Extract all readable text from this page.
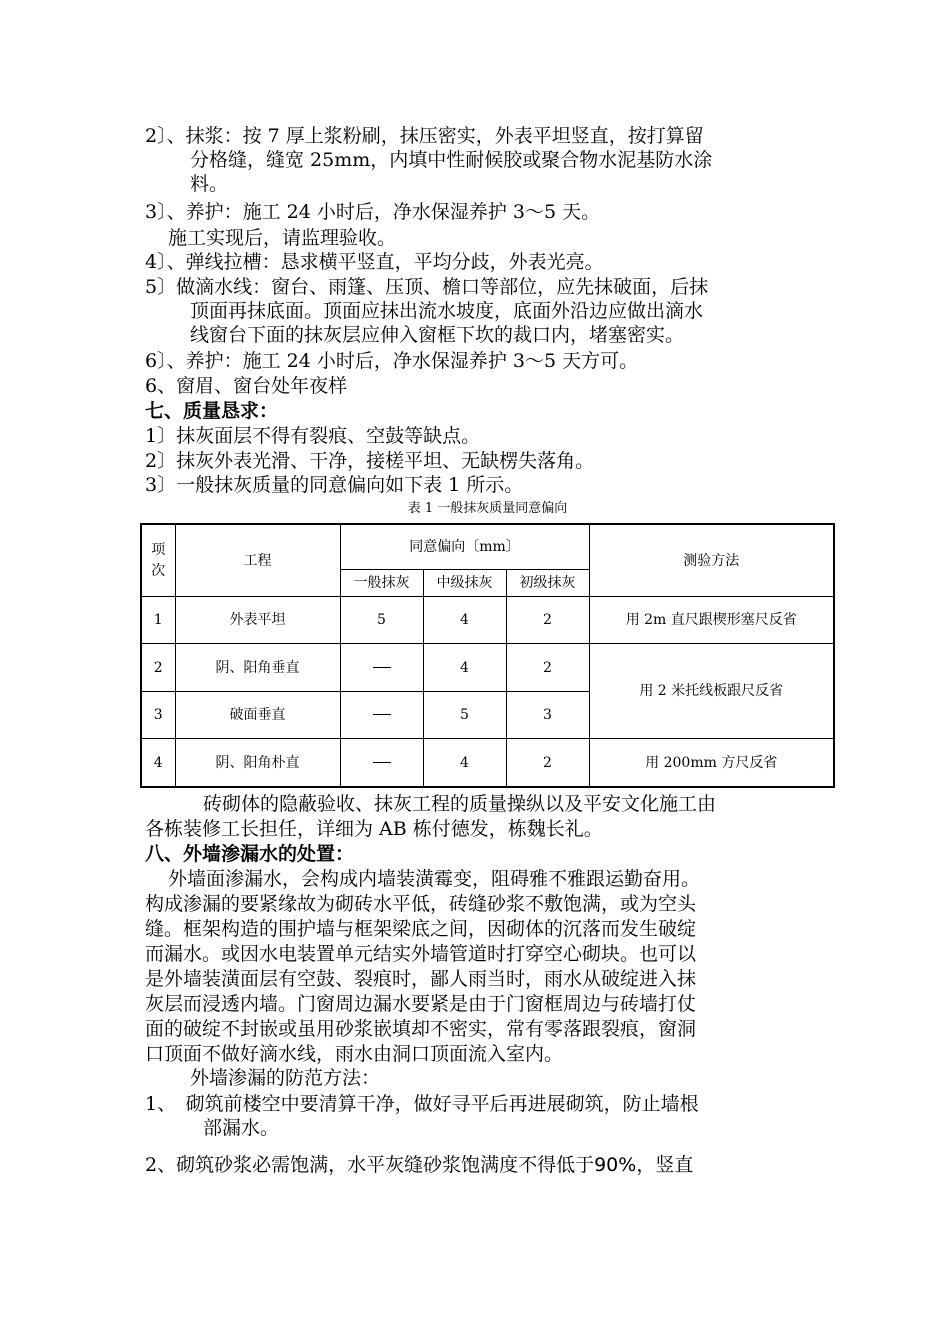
2〕、抹浆：按 7 厚上浆粉刷，抹压密实，外表平坦竖直，按打算留
分格缝，缝宽 25mm，内填中性耐候胶或聚合物水泥基防水涂
料。
3〕、养护：施工 24 小时后，净水保湿养护 3～5 天。
施工实现后，请监理验收。
4〕、弹线拉槽：恳求横平竖直，平均分歧，外表光亮。
5〕做滴水线：窗台、雨篷、压顶、檐口等部位，应先抹破面，后抹
顶面再抹底面。顶面应抹出流水坡度，底面外沿边应做出滴水
线窗台下面的抹灰层应伸入窗框下坎的裁口内，堵塞密实。
6〕、养护：施工 24 小时后，净水保湿养护 3～5 天方可。
6、窗眉、窗台处年夜样
七、质量恳求：
1〕抹灰面层不得有裂痕、空鼓等缺点。
2〕抹灰外表光滑、干净，接槎平坦、无缺楞失落角。
3〕一般抹灰质量的同意偏向如下表 1 所示。
表 1 一般抹灰质量同意偏向
项次	工程	同意偏向〔mm〕			测验方法
		一般抹灰	中级抹灰	初级抹灰	
1	外表平坦	5	4	2	用 2m 直尺跟楔形塞尺反省
2	阴、阳角垂直		4	2	用 2 米托线板跟尺反省
3	破面垂直		5	3	
4	阴、阳角朴直		4	2	用 200mm 方尺反省
砖砌体的隐蔽验收、抹灰工程的质量操纵以及平安文化施工由
各栋装修工长担任，详细为 AB 栋付德发，栋魏长礼。
八、外墙渗漏水的处置：
外墙面渗漏水，会构成内墙装潢霉变，阻碍雅不雅跟运勤奋用。
构成渗漏的要紧缘故为砌砖水平低，砖缝砂浆不敷饱满，或为空头
缝。框架构造的围护墙与框架梁底之间，因砌体的沉落而发生破绽
而漏水。或因水电装置单元结实外墙管道时打穿空心砌块。也可以
是外墙装潢面层有空鼓、裂痕时，鄙人雨当时，雨水从破绽进入抹
灰层而浸透内墙。门窗周边漏水要紧是由于门窗框周边与砖墙打仗
面的破绽不封嵌或虽用砂浆嵌填却不密实，常有零落跟裂痕，窗洞
口顶面不做好滴水线，雨水由洞口顶面流入室内。
外墙渗漏的防范方法：
1、　砌筑前楼空中要清算干净，做好寻平后再进展砌筑，防止墙根
部漏水。
2、砌筑砂浆必需饱满，水平灰缝砂浆饱满度不得低于90%，竖直
